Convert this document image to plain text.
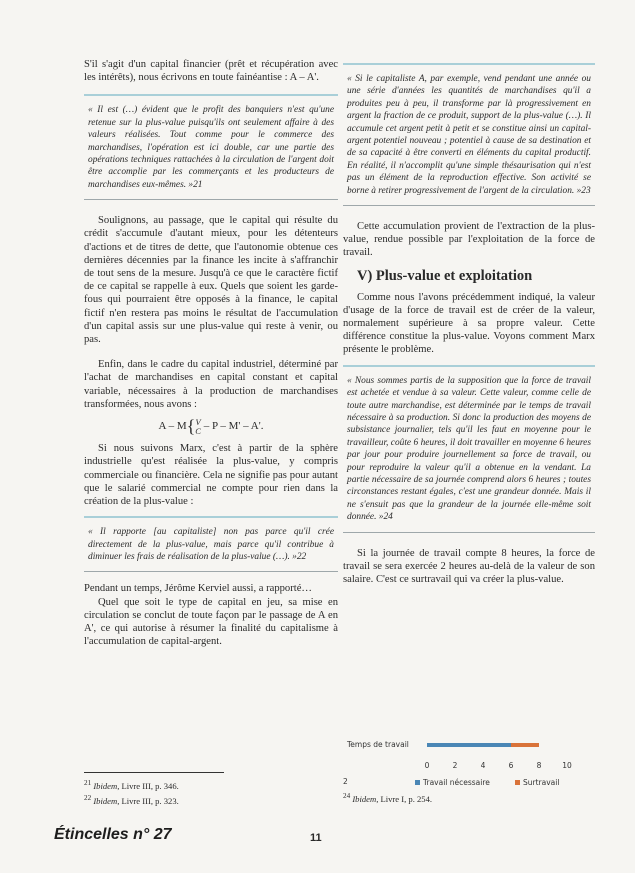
S'il s'agit d'un capital financier (prêt et récupération avec les intérêts), nous écrivons en toute fainéantise : A – A'.

« Il est (…) évident que le profit des banquiers n'est qu'une retenue sur la plus-value puisqu'ils ont seulement affaire à des valeurs réalisées. Tout comme pour le commerce des marchandises, l'opération est ici double, car une partie des opérations techniques rattachées à la circulation de l'argent doit être accomplie par les commerçants et les producteurs de marchandises eux-mêmes. »21

Soulignons, au passage, que le capital qui résulte du crédit s'accumule d'autant mieux, pour les détenteurs d'actions et de titres de dette, que l'autonomie obtenue ces dernières décennies par la finance les incite à s'affranchir de tout sens de la mesure. Jusqu'à ce que le caractère fictif de ce capital se rappelle à eux. Quels que soient les garde-fous qui pourraient être opposés à la finance, le capital fictif n'en restera pas moins le résultat de l'accumulation d'un capital assis sur une plus-value qui reste à venir, ou pas.

Enfin, dans le cadre du capital industriel, déterminé par l'achat de marchandises en capital constant et capital variable, nécessaires à la production de marchandises transformées, nous avons :

A – M{V
C – P – M' – A'.

Si nous suivons Marx, c'est à partir de la sphère industrielle qu'est réalisée la plus-value, y compris commerciale ou financière. Cela ne signifie pas pour autant que le salarié commercial ne compte pour rien dans la création de la plus-value :

« Il rapporte [au capitaliste] non pas parce qu'il crée directement de la plus-value, mais parce qu'il contribue à diminuer les frais de réalisation de la plus-value (…). »22

Pendant un temps, Jérôme Kerviel aussi, a rapporté…

Quel que soit le type de capital en jeu, sa mise en circulation se conclut de toute façon par le passage de A en A', ce qui autorise à résumer la finalité du capitalisme à l'accumulation de capital-argent.

$^{21}$ Ibidem, Livre III, p. 346.
$^{22}$ Ibidem, Livre III, p. 323.
« Si le capitaliste A, par exemple, vend pendant une année ou une série d'années les quantités de marchandises qu'il a produites peu à peu, il transforme par là progressivement en argent la fraction de ce produit, support de la plus-value (…). Il accumule cet argent petit à petit et se constitue ainsi un capital-argent potentiel nouveau ; potentiel à cause de sa destination et de sa capacité à être converti en éléments du capital productif. En réalité, il n'accomplit qu'une simple thésaurisation qui n'est pas un élément de la reproduction effective. Son activité se borne à retirer progressivement de l'argent de la circulation. »23

Cette accumulation provient de l'extraction de la plus-value, rendue possible par l'exploitation de la force de travail.

V) Plus-value et exploitation

Comme nous l'avons précédemment indiqué, la valeur d'usage de la force de travail est de créer de la valeur, normalement supérieure à sa propre valeur. Cette différence constitue la plus-value. Voyons comment Marx présente le problème.

« Nous sommes partis de la supposition que la force de travail est achetée et vendue à sa valeur. Cette valeur, comme celle de toute autre marchandise, est déterminée par le temps de travail nécessaire à sa production. Si donc la production des moyens de subsistance journalier, tels qu'il les faut en moyenne pour le travailleur, coûte 6 heures, il doit travailler en moyenne 6 heures par jour pour produire journellement sa force de travail, ou pour reproduire la valeur qu'il a obtenue en la vendant. La partie nécessaire de sa journée comprend alors 6 heures ; toutes circonstances restant égales, c'est une grandeur donnée. Mais il ne s'ensuit pas que la grandeur de la journée elle-même soit donnée. »24

Si la journée de travail compte 8 heures, la force de travail se sera exercée 2 heures au-delà de la valeur de son salaire. C'est ce surtravail qui va créer la plus-value.

Temps de travail
2
0	2	4	6	8	10
Travail nécessaire	Surtravail
$^{24}$ Ibidem, Livre I, p. 254.
Étincelles n° 27	11
